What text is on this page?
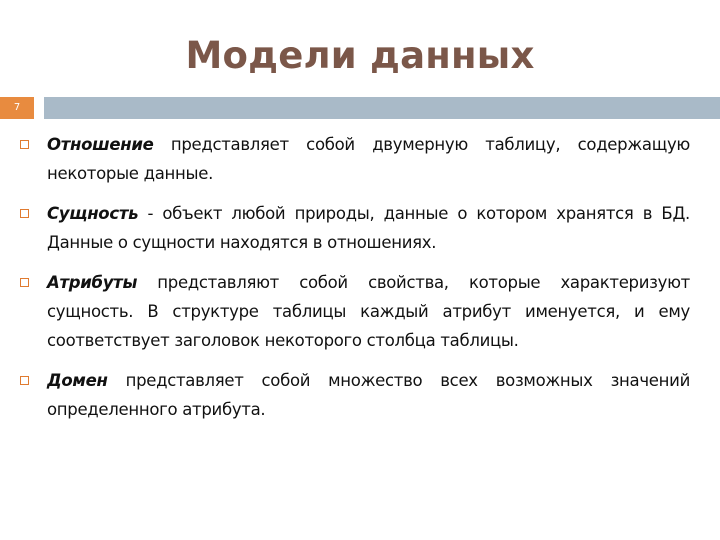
Модели данных
7
Отношение представляет собой двумерную таблицу, содержащую некоторые данные.
Сущность - объект любой природы, данные о котором хранятся в БД. Данные о сущности находятся в отношениях.
Атрибуты представляют собой свойства, которые характеризуют сущность. В структуре таблицы каждый атрибут именуется, и ему соответствует заголовок некоторого столбца таблицы.
Домен представляет собой множество всех возможных значений определенного атрибута.
